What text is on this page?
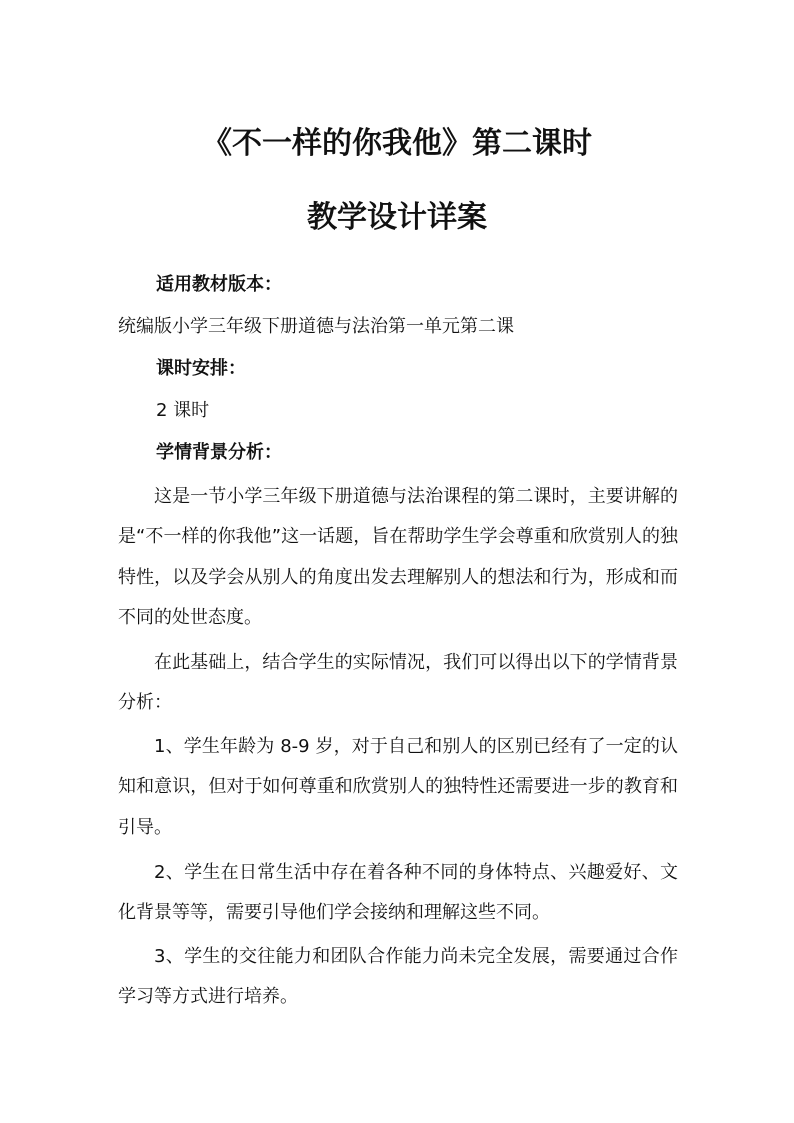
《不一样的你我他》第二课时
教学设计详案
适用教材版本：
统编版小学三年级下册道德与法治第一单元第二课
课时安排：
2 课时
学情背景分析：

这是一节小学三年级下册道德与法治课程的第二课时，主要讲解的是“不一样的你我他”这一话题，旨在帮助学生学会尊重和欣赏别人的独特性，以及学会从别人的角度出发去理解别人的想法和行为，形成和而不同的处世态度。

在此基础上，结合学生的实际情况，我们可以得出以下的学情背景分析：

1、学生年龄为 8-9 岁，对于自己和别人的区别已经有了一定的认知和意识，但对于如何尊重和欣赏别人的独特性还需要进一步的教育和引导。

2、学生在日常生活中存在着各种不同的身体特点、兴趣爱好、文化背景等等，需要引导他们学会接纳和理解这些不同。

3、学生的交往能力和团队合作能力尚未完全发展，需要通过合作学习等方式进行培养。
